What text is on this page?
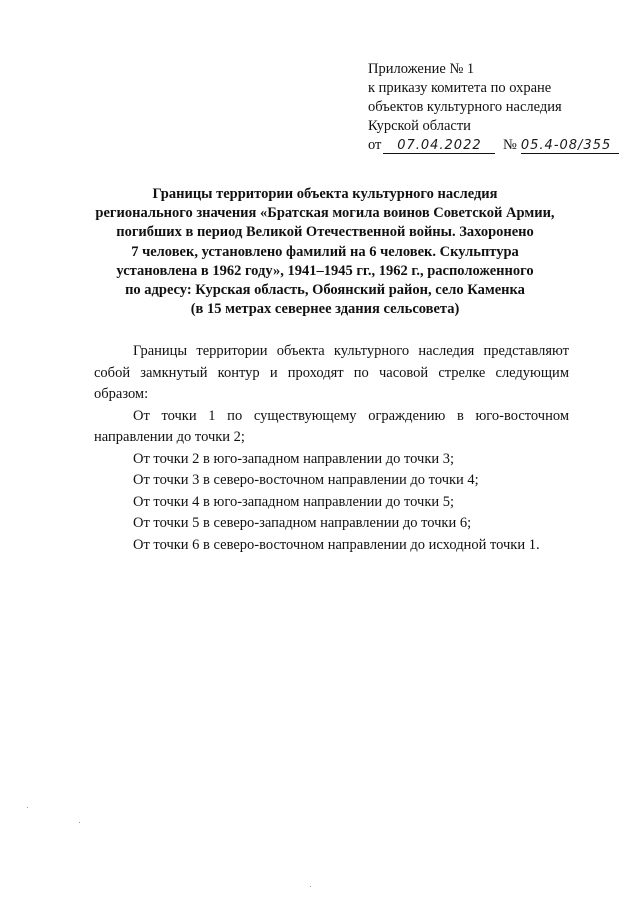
Приложение № 1
к приказу комитета по охране
объектов культурного наследия
Курской области
от 07.04.2022 № 05.4-08/355
Границы территории объекта культурного наследия
регионального значения «Братская могила воинов Советской Армии,
погибших в период Великой Отечественной войны. Захоронено
7 человек, установлено фамилий на 6 человек. Скульптура
установлена в 1962 году», 1941–1945 гг., 1962 г., расположенного
по адресу: Курская область, Обоянский район, село Каменка
(в 15 метрах севернее здания сельсовета)

Границы территории объекта культурного наследия представляют собой замкнутый контур и проходят по часовой стрелке следующим образом:

От точки 1 по существующему ограждению в юго-восточном направлении до точки 2;

От точки 2 в юго-западном направлении до точки 3;
От точки 3 в северо-восточном направлении до точки 4;
От точки 4 в юго-западном направлении до точки 5;
От точки 5 в северо-западном направлении до точки 6;
От точки 6 в северо-восточном направлении до исходной точки 1.
